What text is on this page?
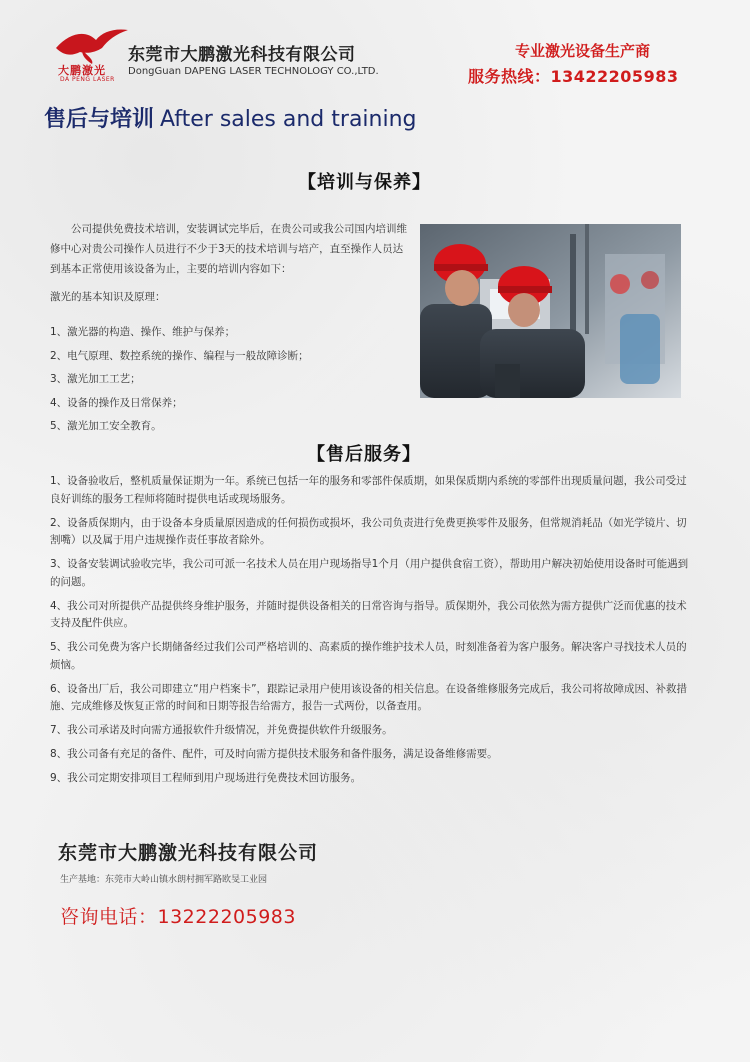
大鹏激光
DA PENG LASER
东莞市大鹏激光科技有限公司
DongGuan DAPENG LASER TECHNOLOGY CO.,LTD.
专业激光设备生产商
服务热线：13422205983
售后与培训 After sales and training
【培训与保养】

公司提供免费技术培训，安装调试完毕后，在贵公司或我公司国内培训维修中心对贵公司操作人员进行不少于3天的技术培训与培产，直至操作人员达到基本正常使用该设备为止，主要的培训内容如下：

激光的基本知识及原理：
1、激光器的构造、操作、维护与保养；
2、电气原理、数控系统的操作、编程与一般故障诊断；
3、激光加工工艺；
4、设备的操作及日常保养；
5、激光加工安全教育。
【售后服务】
1、设备验收后，整机质量保证期为一年。系统已包括一年的服务和零部件保质期，如果保质期内系统的零部件出现质量问题，我公司受过良好训练的服务工程师将随时提供电话或现场服务。
2、设备质保期内，由于设备本身质量原因造成的任何损伤或损坏，我公司负责进行免费更换零件及服务，但常规消耗品（如光学镜片、切割嘴）以及属于用户违规操作责任事故者除外。
3、设备安装调试验收完毕，我公司可派一名技术人员在用户现场指导1个月（用户提供食宿工资），帮助用户解决初始使用设备时可能遇到的问题。
4、我公司对所提供产品提供终身维护服务，并随时提供设备相关的日常咨询与指导。质保期外，我公司依然为需方提供广泛而优惠的技术支持及配件供应。
5、我公司免费为客户长期储备经过我们公司严格培训的、高素质的操作维护技术人员，时刻准备着为客户服务。解决客户寻找技术人员的烦恼。
6、设备出厂后，我公司即建立“用户档案卡”，跟踪记录用户使用该设备的相关信息。在设备维修服务完成后，我公司将故障成因、补救措施、完成维修及恢复正常的时间和日期等报告给需方，报告一式两份，以备查用。
7、我公司承诺及时向需方通报软件升级情况，并免费提供软件升级服务。
8、我公司备有充足的备件、配件，可及时向需方提供技术服务和备件服务，满足设备维修需要。
9、我公司定期安排项目工程师到用户现场进行免费技术回访服务。
东莞市大鹏激光科技有限公司
生产基地：东莞市大岭山镇水朗村拥军路欧旻工业园
咨询电话：13222205983
